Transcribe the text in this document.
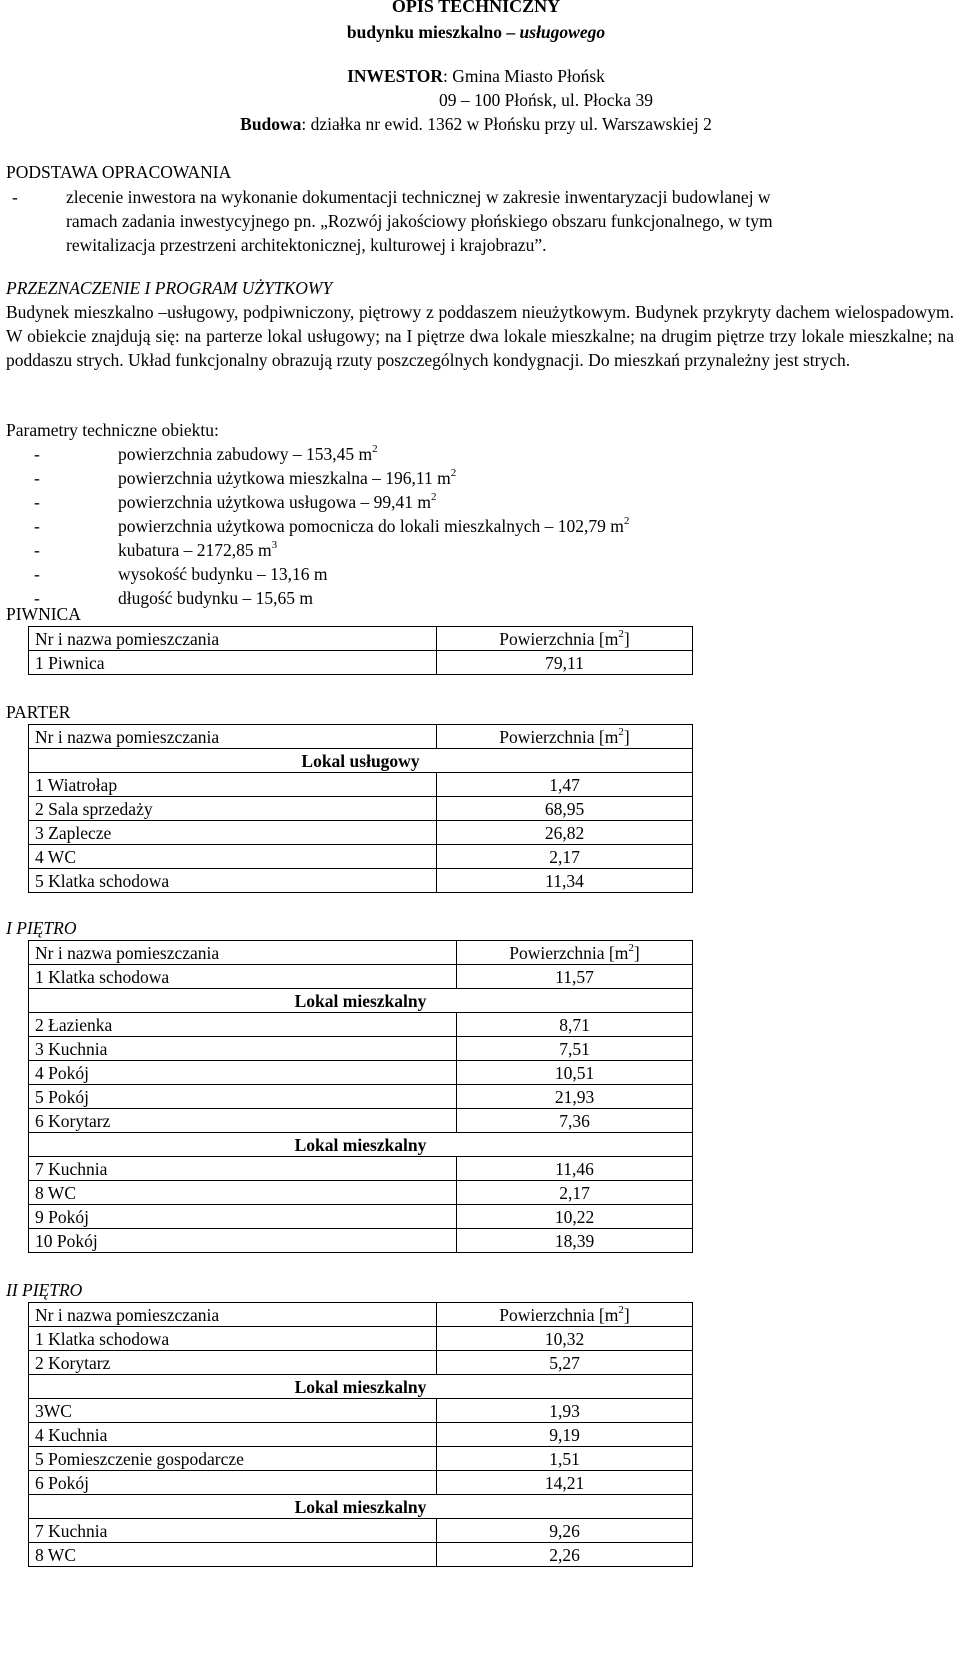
OPIS TECHNICZNY
budynku mieszkalno – usługowego
INWESTOR: Gmina Miasto Płońsk
09 – 100 Płońsk, ul. Płocka 39
Budowa: działka nr ewid. 1362 w Płońsku przy ul. Warszawskiej 2
PODSTAWA OPRACOWANIA
-	zlecenie inwestora na wykonanie dokumentacji technicznej w zakresie inwentaryzacji budowlanej w
ramach zadania inwestycyjnego pn. „Rozwój jakościowy płońskiego obszaru funkcjonalnego, w tym
rewitalizacja przestrzeni architektonicznej, kulturowej i krajobrazu”.
PRZEZNACZENIE I PROGRAM UŻYTKOWY
Budynek mieszkalno –usługowy, podpiwniczony, piętrowy z poddaszem nieużytkowym. Budynek przykryty dachem wielospadowym. W obiekcie znajdują się: na parterze lokal usługowy; na I piętrze dwa lokale mieszkalne; na drugim piętrze trzy lokale mieszkalne; na poddaszu strych. Układ funkcjonalny obrazują rzuty poszczególnych kondygnacji. Do mieszkań przynależny jest strych.
Parametry techniczne obiektu:
-	powierzchnia zabudowy – 153,45 $m^2$
-	powierzchnia użytkowa mieszkalna – 196,11 $m^2$
-	powierzchnia użytkowa usługowa – 99,41 $m^2$
-	powierzchnia użytkowa pomocnicza do lokali mieszkalnych – 102,79 $m^2$
-	kubatura – 2172,85 $m^3$
-	wysokość budynku – 13,16 m
-	długość budynku – 15,65 m
PIWNICA
Nr i nazwa pomieszczania	Powierzchnia $[m^2]$
1 Piwnica	79,11
PARTER
Nr i nazwa pomieszczania	Powierzchnia $[m^2]$
Lokal usługowy	
1 Wiatrołap	1,47
2 Sala sprzedaży	68,95
3 Zaplecze	26,82
4 WC	2,17
5 Klatka schodowa	11,34
I PIĘTRO
Nr i nazwa pomieszczania	Powierzchnia $[m^2]$
1 Klatka schodowa	11,57
Lokal mieszkalny	
2 Łazienka	8,71
3 Kuchnia	7,51
4 Pokój	10,51
5 Pokój	21,93
6 Korytarz	7,36
Lokal mieszkalny	
7 Kuchnia	11,46
8 WC	2,17
9 Pokój	10,22
10 Pokój	18,39
II PIĘTRO
Nr i nazwa pomieszczania	Powierzchnia $[m^2]$
1 Klatka schodowa	10,32
2 Korytarz	5,27
Lokal mieszkalny	
3WC	1,93
4 Kuchnia	9,19
5 Pomieszczenie gospodarcze	1,51
6 Pokój	14,21
Lokal mieszkalny	
7 Kuchnia	9,26
8 WC	2,26
